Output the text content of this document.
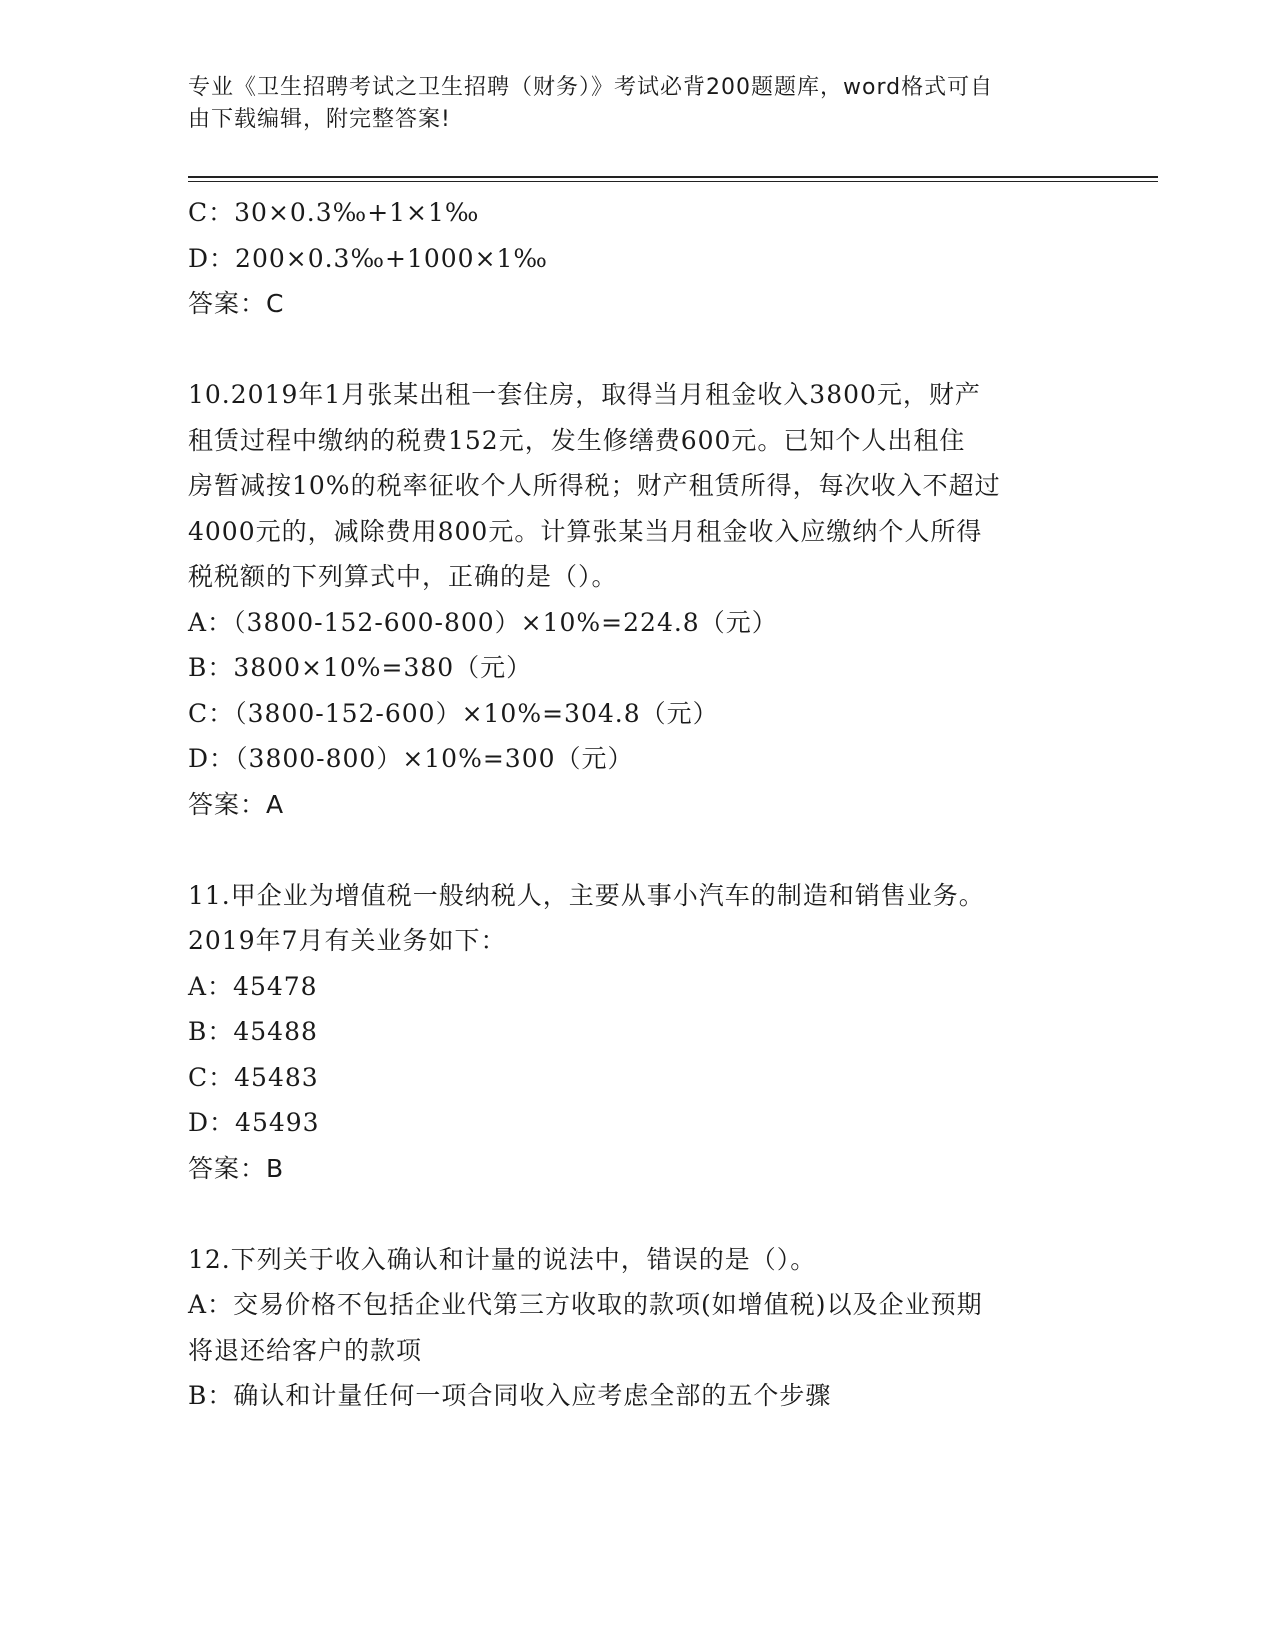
专业《卫生招聘考试之卫生招聘（财务）》考试必背200题题库，word格式可自
由下载编辑，附完整答案!
C：30×0.3‰+1×1‰
D：200×0.3‰+1000×1‰
答案：C
10.2019年1月张某出租一套住房，取得当月租金收入3800元，财产
租赁过程中缴纳的税费152元，发生修缮费600元。已知个人出租住
房暂减按10%的税率征收个人所得税；财产租赁所得，每次收入不超过
4000元的，减除费用800元。计算张某当月租金收入应缴纳个人所得
税税额的下列算式中，正确的是（）。
A：（3800-152-600-800）×10%=224.8（元）
B：3800×10%=380（元）
C：（3800-152-600）×10%=304.8（元）
D：（3800-800）×10%=300（元）
答案：A
11.甲企业为增值税一般纳税人，主要从事小汽车的制造和销售业务。
2019年7月有关业务如下：
A：45478
B：45488
C：45483
D：45493
答案：B
12.下列关于收入确认和计量的说法中，错误的是（）。
A：交易价格不包括企业代第三方收取的款项(如增值税)以及企业预期
将退还给客户的款项
B：确认和计量任何一项合同收入应考虑全部的五个步骤
